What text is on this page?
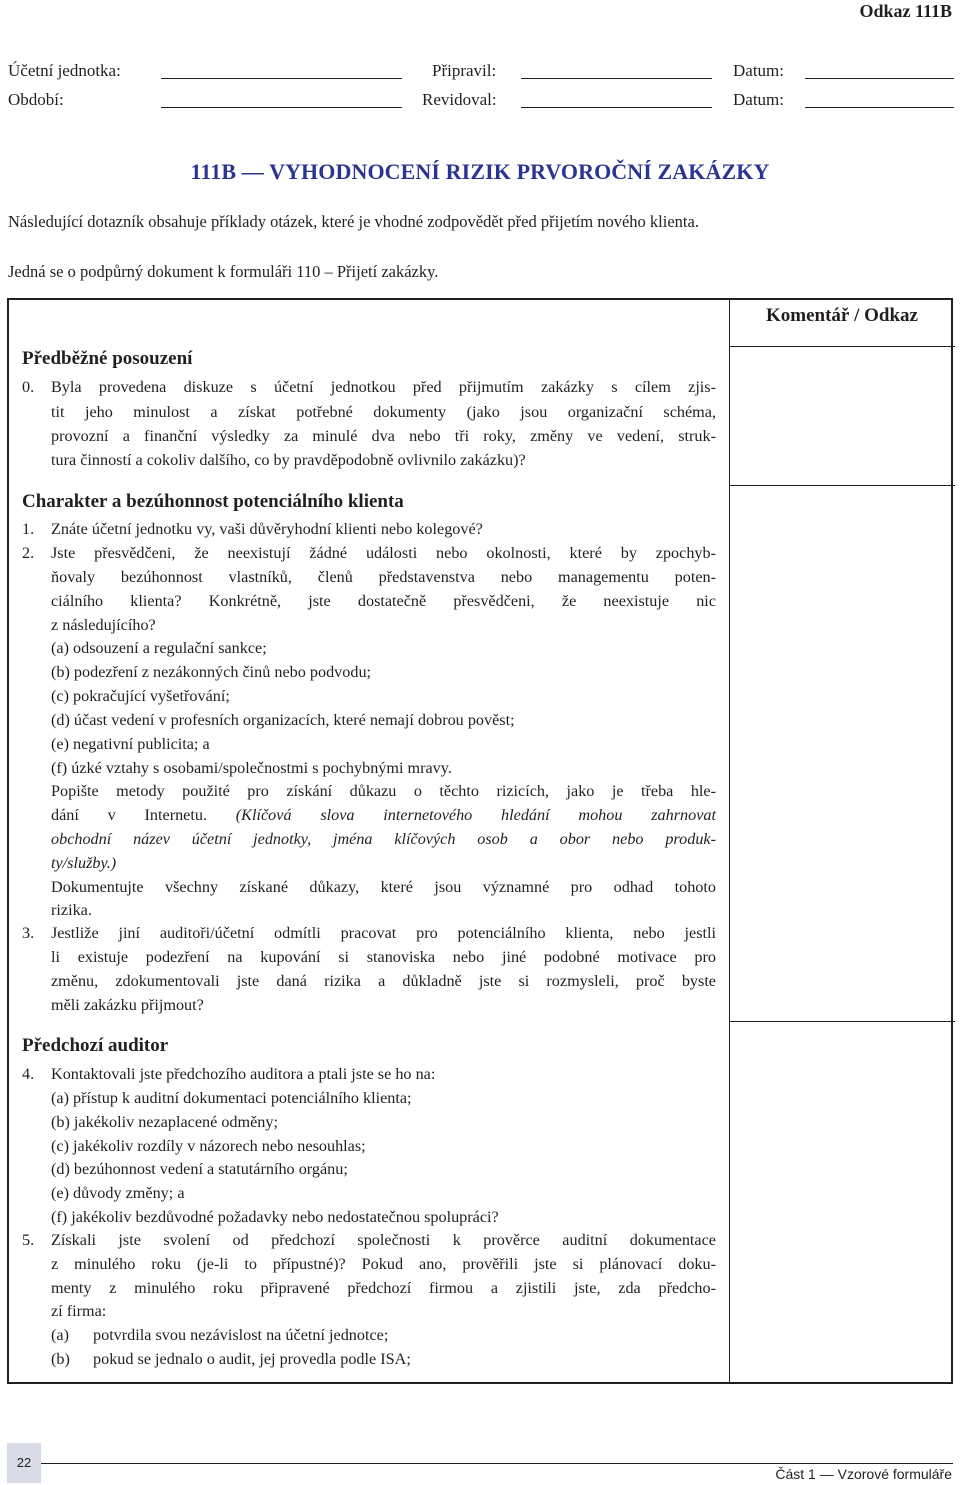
Odkaz 111B
Účetní jednotka:	Připravil:	Datum:
Období:	Revidoval:	Datum:
111B — VYHODNOCENÍ RIZIK PRVOROČNÍ ZAKÁZKY
Následující dotazník obsahuje příklady otázek, které je vhodné zodpovědět před přijetím nového klienta.
Jedná se o podpůrný dokument k formuláři 110 – Přijetí zakázky.
Komentář / Odkaz
Předběžné posouzení
0. Byla provedena diskuze s účetní jednotkou před přijmutím zakázky s cílem zjis-
tit jeho minulost a získat potřebné dokumenty (jako jsou organizační schéma,
provozní a finanční výsledky za minulé dva nebo tři roky, změny ve vedení, struk-
tura činností a cokoliv dalšího, co by pravděpodobně ovlivnilo zakázku)?
Charakter a bezúhonnost potenciálního klienta
1. Znáte účetní jednotku vy, vaši důvěryhodní klienti nebo kolegové?
2. Jste přesvědčeni, že neexistují žádné události nebo okolnosti, které by zpochyb-
ňovaly bezúhonnost vlastníků, členů představenstva nebo managementu poten-
ciálního klienta? Konkrétně, jste dostatečně přesvědčeni, že neexistuje nic
z následujícího?
(a) odsouzení a regulační sankce;
(b) podezření z nezákonných činů nebo podvodu;
(c) pokračující vyšetřování;
(d) účast vedení v profesních organizacích, které nemají dobrou pověst;
(e) negativní publicita; a
(f) úzké vztahy s osobami/společnostmi s pochybnými mravy.
Popište metody použité pro získání důkazu o těchto rizicích, jako je třeba hle-
dání v Internetu. (Klíčová slova internetového hledání mohou zahrnovat
obchodní název účetní jednotky, jména klíčových osob a obor nebo produk-
ty/služby.)
Dokumentujte všechny získané důkazy, které jsou významné pro odhad tohoto
rizika.
3. Jestliže jiní auditoři/účetní odmítli pracovat pro potenciálního klienta, nebo jestli
li existuje podezření na kupování si stanoviska nebo jiné podobné motivace pro
změnu, zdokumentovali jste daná rizika a důkladně jste si rozmysleli, proč byste
měli zakázku přijmout?
Předchozí auditor
4. Kontaktovali jste předchozího auditora a ptali jste se ho na:
(a) přístup k auditní dokumentaci potenciálního klienta;
(b) jakékoliv nezaplacené odměny;
(c) jakékoliv rozdíly v názorech nebo nesouhlas;
(d) bezúhonnost vedení a statutárního orgánu;
(e) důvody změny; a
(f) jakékoliv bezdůvodné požadavky nebo nedostatečnou spolupráci?
5. Získali jste svolení od předchozí společnosti k prověrce auditní dokumentace
z minulého roku (je-li to přípustné)? Pokud ano, prověřili jste si plánovací doku-
menty z minulého roku připravené předchozí firmou a zjistili jste, zda předcho-
zí firma:
(a) potvrdila svou nezávislost na účetní jednotce;
(b) pokud se jednalo o audit, jej provedla podle ISA;
22
Část 1 — Vzorové formuláře
